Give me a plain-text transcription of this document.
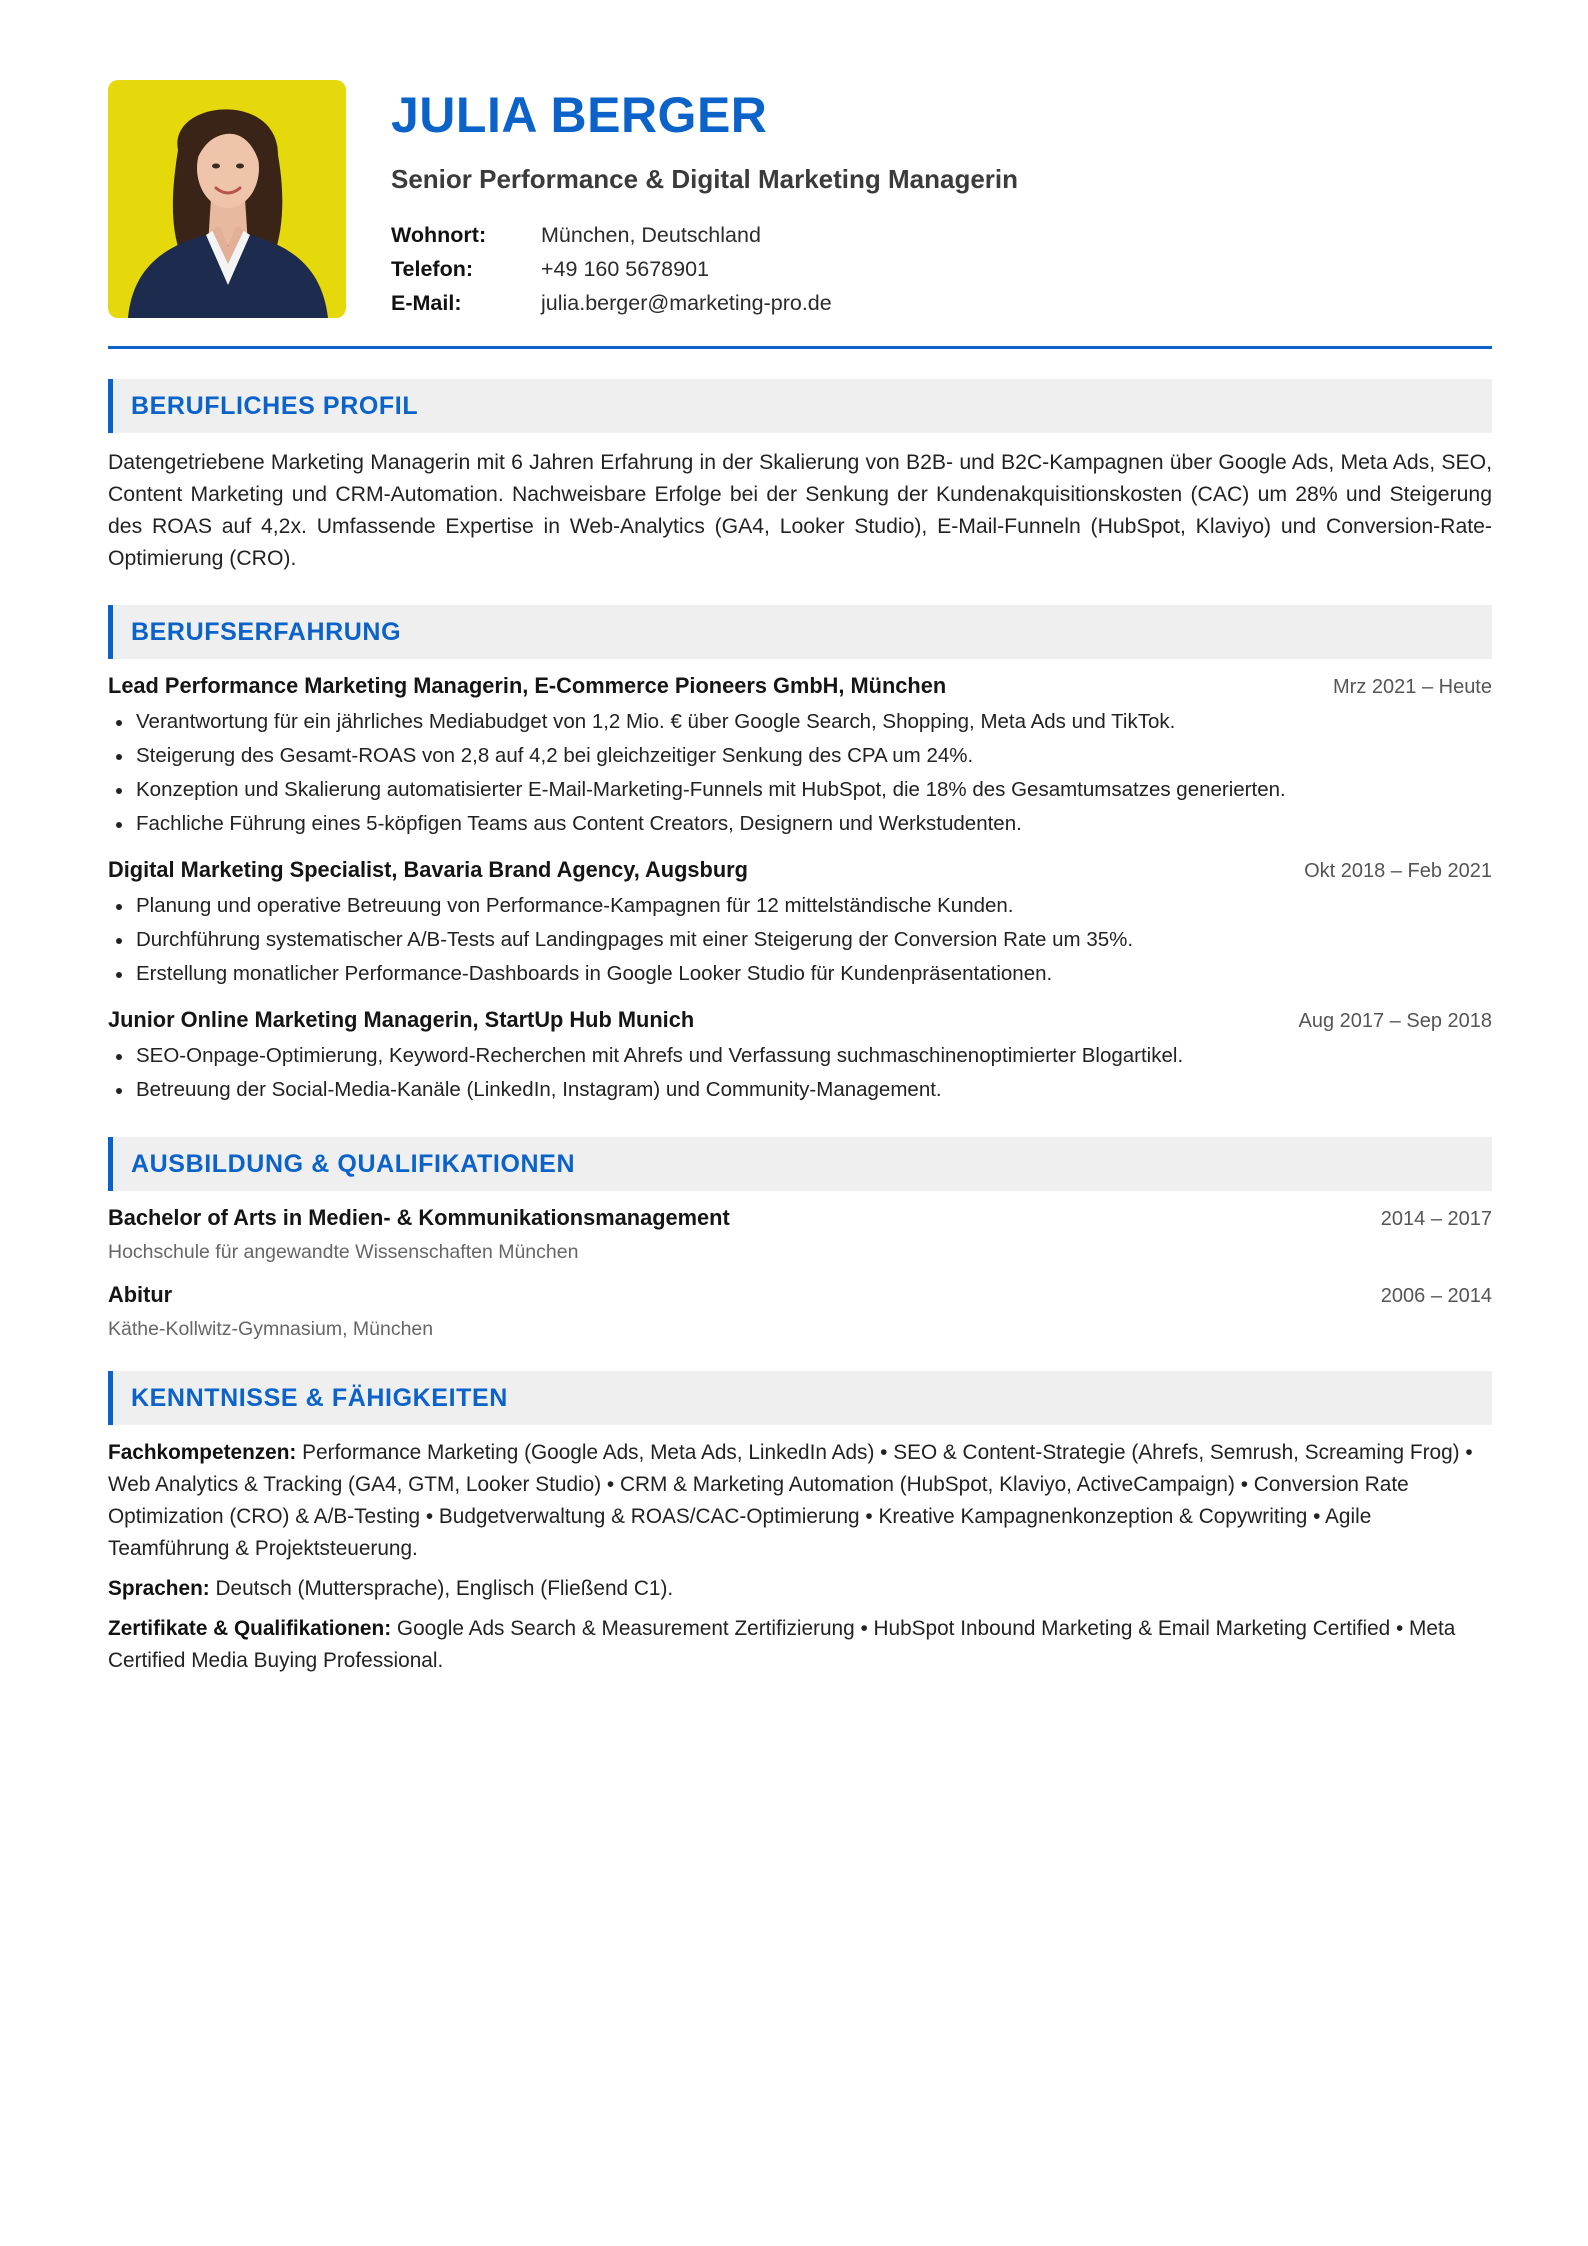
JULIA BERGER
Senior Performance & Digital Marketing Managerin
Wohnort:	München, Deutschland
Telefon:	+49 160 5678901
E-Mail:	julia.berger@marketing-pro.de
BERUFLICHES PROFIL
Datengetriebene Marketing Managerin mit 6 Jahren Erfahrung in der Skalierung von B2B- und B2C-Kampagnen über Google Ads, Meta Ads, SEO, Content Marketing und CRM-Automation. Nachweisbare Erfolge bei der Senkung der Kundenakquisitionskosten (CAC) um 28% und Steigerung des ROAS auf 4,2x. Umfassende Expertise in Web-Analytics (GA4, Looker Studio), E-Mail-Funneln (HubSpot, Klaviyo) und Conversion-Rate-Optimierung (CRO).
BERUFSERFAHRUNG
Lead Performance Marketing Managerin, E-Commerce Pioneers GmbH, München	Mrz 2021 – Heute
Verantwortung für ein jährliches Mediabudget von 1,2 Mio. € über Google Search, Shopping, Meta Ads und TikTok.
Steigerung des Gesamt-ROAS von 2,8 auf 4,2 bei gleichzeitiger Senkung des CPA um 24%.
Konzeption und Skalierung automatisierter E-Mail-Marketing-Funnels mit HubSpot, die 18% des Gesamtumsatzes generierten.
Fachliche Führung eines 5-köpfigen Teams aus Content Creators, Designern und Werkstudenten.
Digital Marketing Specialist, Bavaria Brand Agency, Augsburg	Okt 2018 – Feb 2021
Planung und operative Betreuung von Performance-Kampagnen für 12 mittelständische Kunden.
Durchführung systematischer A/B-Tests auf Landingpages mit einer Steigerung der Conversion Rate um 35%.
Erstellung monatlicher Performance-Dashboards in Google Looker Studio für Kundenpräsentationen.
Junior Online Marketing Managerin, StartUp Hub Munich	Aug 2017 – Sep 2018
SEO-Onpage-Optimierung, Keyword-Recherchen mit Ahrefs und Verfassung suchmaschinenoptimierter Blogartikel.
Betreuung der Social-Media-Kanäle (LinkedIn, Instagram) und Community-Management.
AUSBILDUNG & QUALIFIKATIONEN
Bachelor of Arts in Medien- & Kommunikationsmanagement	2014 – 2017
Hochschule für angewandte Wissenschaften München
Abitur	2006 – 2014
Käthe-Kollwitz-Gymnasium, München
KENNTNISSE & FÄHIGKEITEN
Fachkompetenzen: Performance Marketing (Google Ads, Meta Ads, LinkedIn Ads) • SEO & Content-Strategie (Ahrefs, Semrush, Screaming Frog) • Web Analytics & Tracking (GA4, GTM, Looker Studio) • CRM & Marketing Automation (HubSpot, Klaviyo, ActiveCampaign) • Conversion Rate Optimization (CRO) & A/B-Testing • Budgetverwaltung & ROAS/CAC-Optimierung • Kreative Kampagnenkonzeption & Copywriting • Agile Teamführung & Projektsteuerung.
Sprachen: Deutsch (Muttersprache), Englisch (Fließend C1).
Zertifikate & Qualifikationen: Google Ads Search & Measurement Zertifizierung • HubSpot Inbound Marketing & Email Marketing Certified • Meta Certified Media Buying Professional.
